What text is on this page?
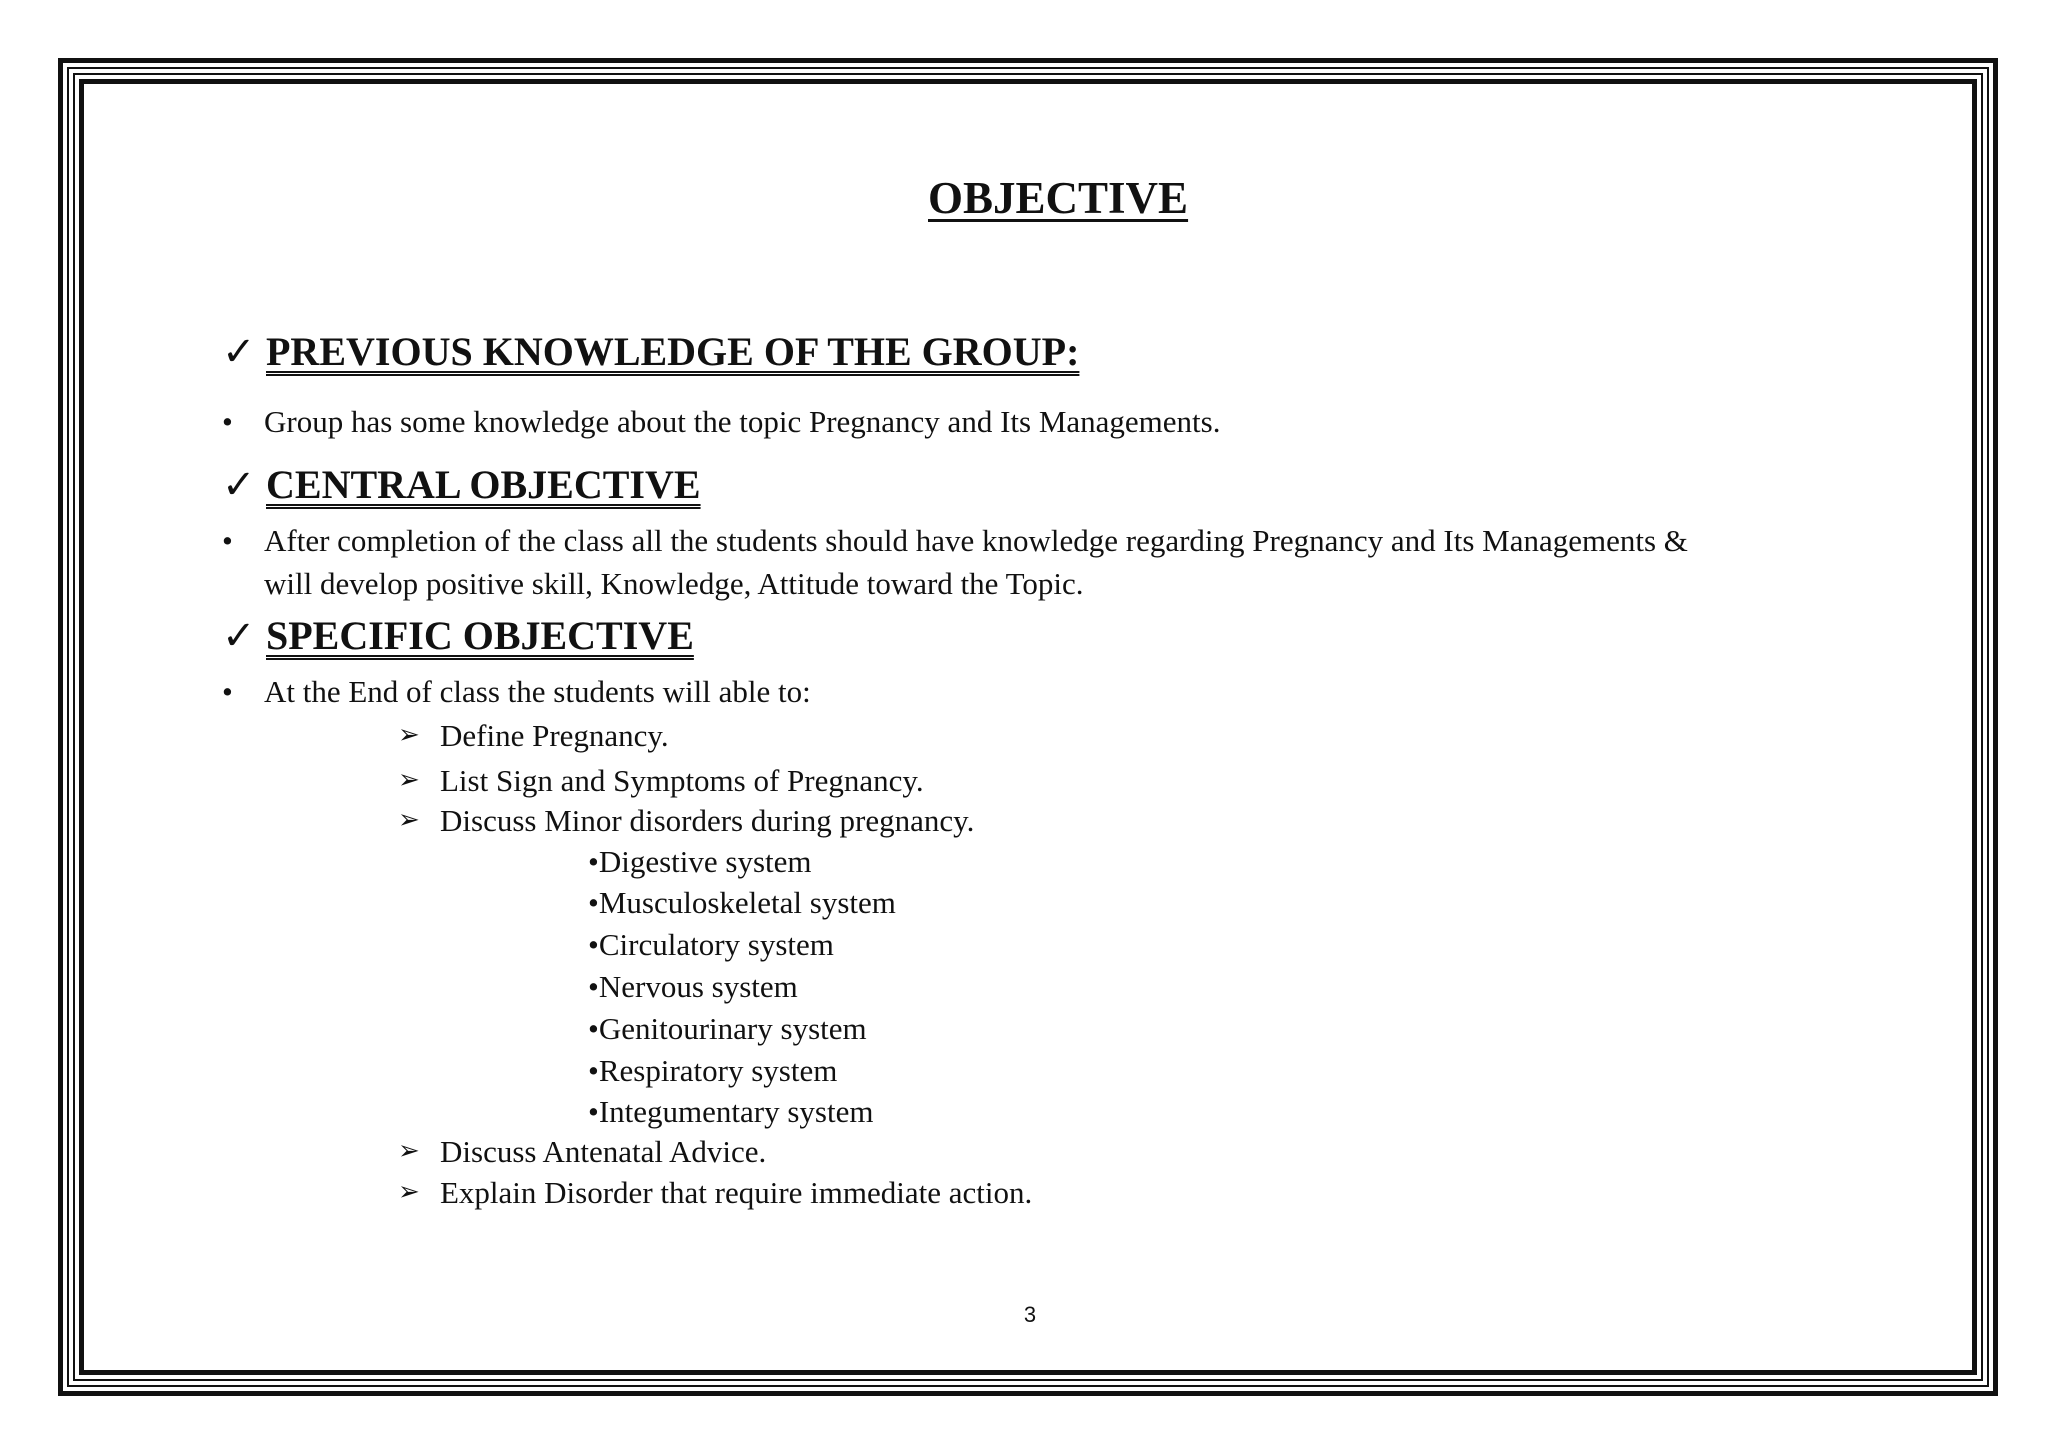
OBJECTIVE
✓ PREVIOUS KNOWLEDGE OF THE GROUP:
• Group has some knowledge about the topic Pregnancy and Its Managements.
✓ CENTRAL OBJECTIVE
• After completion of the class all the students should have knowledge regarding Pregnancy and Its Managements &
will develop positive skill, Knowledge, Attitude toward the Topic.
✓ SPECIFIC OBJECTIVE
• At the End of class the students will able to:
➢ Define Pregnancy.
➢ List Sign and Symptoms of Pregnancy.
➢ Discuss Minor disorders during pregnancy.
•Digestive system
•Musculoskeletal system
•Circulatory system
•Nervous system
•Genitourinary system
•Respiratory system
•Integumentary system
➢ Discuss Antenatal Advice.
➢ Explain Disorder that require immediate action.
3
